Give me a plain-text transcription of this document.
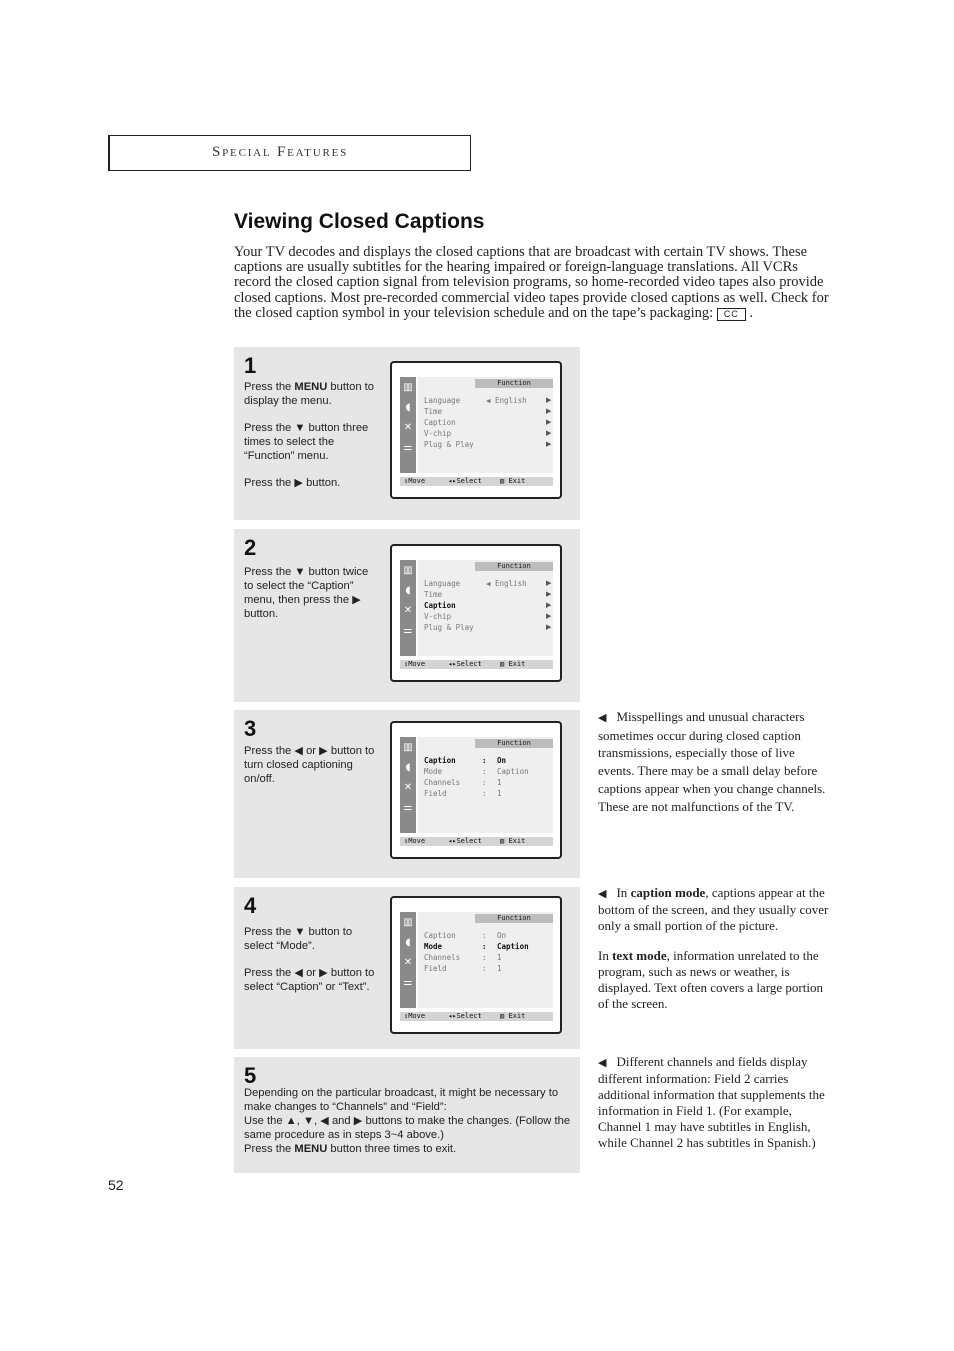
Special Features
Viewing Closed Captions

Your TV decodes and displays the closed captions that are broadcast with certain TV shows. These captions are usually subtitles for the hearing impaired or foreign-language translations. All VCRs record the closed caption signal from television programs, so home-recorded video tapes also provide closed captions. Most pre-recorded commercial video tapes provide closed captions as well. Check for the closed caption symbol in your television schedule and on the tape’s packaging: CC .

1

Press the MENU button to display the menu.

Press the ▼ button three times to select the “Function” menu.

Press the ▶ button.

▥
◖
✕
⚌
Function
Language	◀ English	▶
Time	▶
Caption	▶
V-chip	▶
Plug & Play	▶
⇕Move	◂▸Select	▥ Exit
2

Press the ▼ button twice to select the “Caption” menu, then press the ▶ button.

▥
◖
✕
⚌
Function
Language	◀ English	▶
Time	▶
Caption	▶
V-chip	▶
Plug & Play	▶
⇕Move	◂▸Select	▥ Exit
3

Press the ◀ or ▶ button to turn closed captioning on/off.

▥
◖
✕
⚌
Function
Caption	: On
Mode	: Caption
Channels	: 1
Field	: 1
⇕Move	◂▸Select	▥ Exit
4

Press the ▼ button to select “Mode”.

Press the ◀ or ▶ button to select “Caption” or “Text”.

▥
◖
✕
⚌
Function
Caption	: On
Mode	: Caption
Channels	: 1
Field	: 1
⇕Move	◂▸Select	▥ Exit
5

Depending on the particular broadcast, it might be necessary to make changes to “Channels” and “Field”:

Use the ▲, ▼, ◀ and ▶ buttons to make the changes. (Follow the same procedure as in steps 3~4 above.)

Press the MENU button three times to exit.

◀ Misspellings and unusual characters sometimes occur during closed caption transmissions, especially those of live events. There may be a small delay before captions appear when you change channels. These are not malfunctions of the TV.

◀ In caption mode, captions appear at the bottom of the screen, and they usually cover only a small portion of the picture.

In text mode, information unrelated to the program, such as news or weather, is displayed. Text often covers a large portion of the screen.

◀ Different channels and fields display different information: Field 2 carries additional information that supplements the information in Field 1. (For example, Channel 1 may have subtitles in English, while Channel 2 has subtitles in Spanish.)

52
